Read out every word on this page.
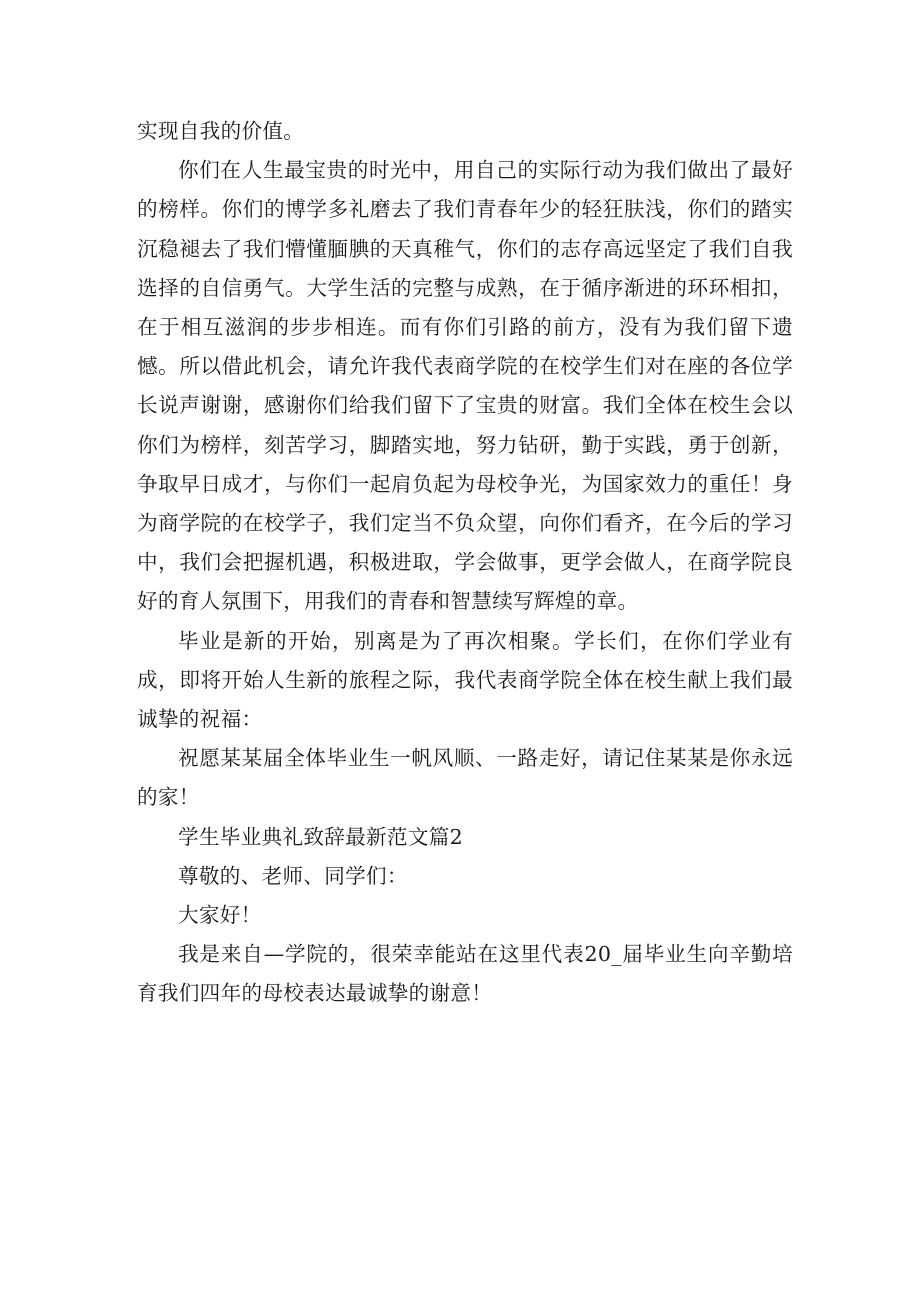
实现自我的价值。

你们在人生最宝贵的时光中，用自己的实际行动为我们做出了最好的榜样。你们的博学多礼磨去了我们青春年少的轻狂肤浅，你们的踏实沉稳褪去了我们懵懂腼腆的天真稚气，你们的志存高远坚定了我们自我选择的自信勇气。大学生活的完整与成熟，在于循序渐进的环环相扣，在于相互滋润的步步相连。而有你们引路的前方，没有为我们留下遗憾。所以借此机会，请允许我代表商学院的在校学生们对在座的各位学长说声谢谢，感谢你们给我们留下了宝贵的财富。我们全体在校生会以你们为榜样，刻苦学习，脚踏实地，努力钻研，勤于实践，勇于创新，争取早日成才，与你们一起肩负起为母校争光，为国家效力的重任！身为商学院的在校学子，我们定当不负众望，向你们看齐，在今后的学习中，我们会把握机遇，积极进取，学会做事，更学会做人，在商学院良好的育人氛围下，用我们的青春和智慧续写辉煌的章。

毕业是新的开始，别离是为了再次相聚。学长们，在你们学业有成，即将开始人生新的旅程之际，我代表商学院全体在校生献上我们最诚挚的祝福：

祝愿某某届全体毕业生一帆风顺、一路走好，请记住某某是你永远的家！

学生毕业典礼致辞最新范文篇2

尊敬的、老师、同学们：

大家好！

我是来自—学院的，很荣幸能站在这里代表20_届毕业生向辛勤培育我们四年的母校表达最诚挚的谢意！
